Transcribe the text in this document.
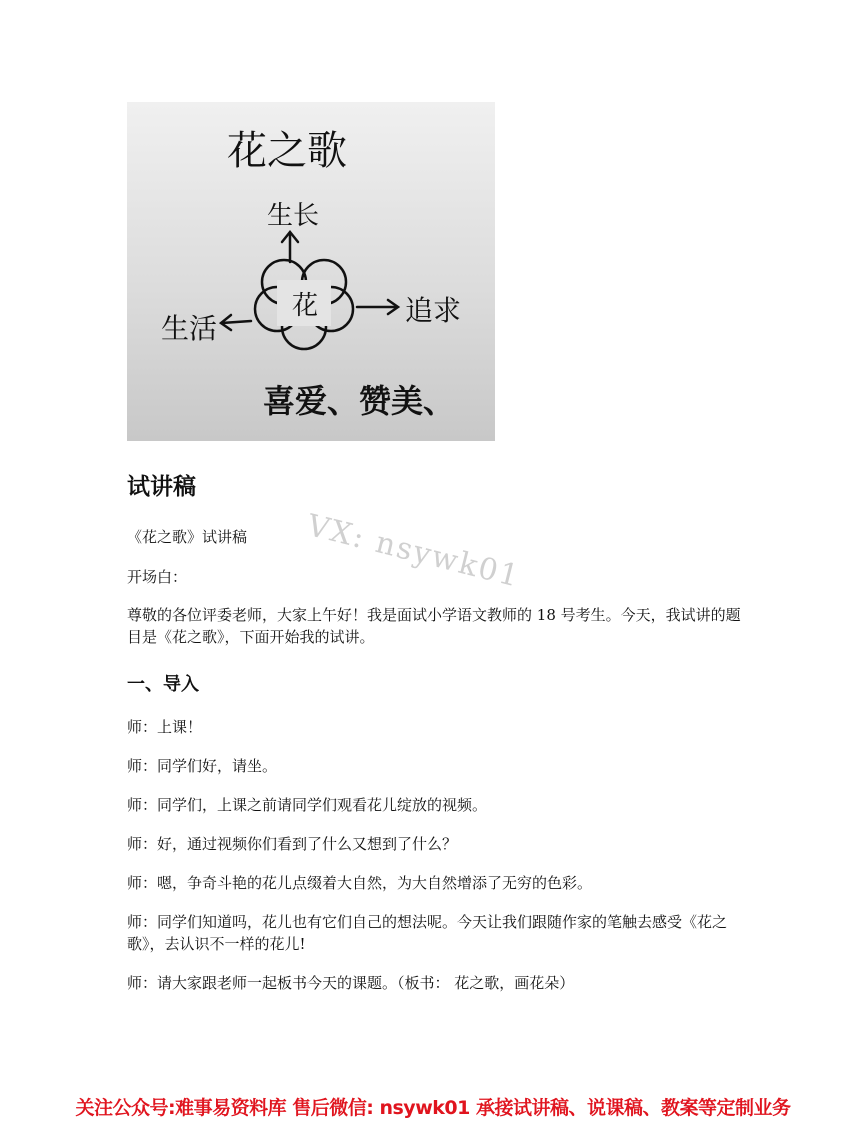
花之歌
生长
花
生活
追求
喜爱、赞美、
试讲稿

《花之歌》试讲稿	VX: nsywk01

开场白：

尊敬的各位评委老师，大家上午好！我是面试小学语文教师的 18 号考生。今天，我试讲的题目是《花之歌》，下面开始我的试讲。

一、导入

师：上课！

师：同学们好，请坐。

师：同学们，上课之前请同学们观看花儿绽放的视频。

师：好，通过视频你们看到了什么又想到了什么？

师：嗯，争奇斗艳的花儿点缀着大自然，为大自然增添了无穷的色彩。

师：同学们知道吗，花儿也有它们自己的想法呢。今天让我们跟随作家的笔触去感受《花之歌》，去认识不一样的花儿!

师：请大家跟老师一起板书今天的课题。（板书： 花之歌，画花朵）

关注公众号:难事易资料库 售后微信: nsywk01 承接试讲稿、说课稿、教案等定制业务
